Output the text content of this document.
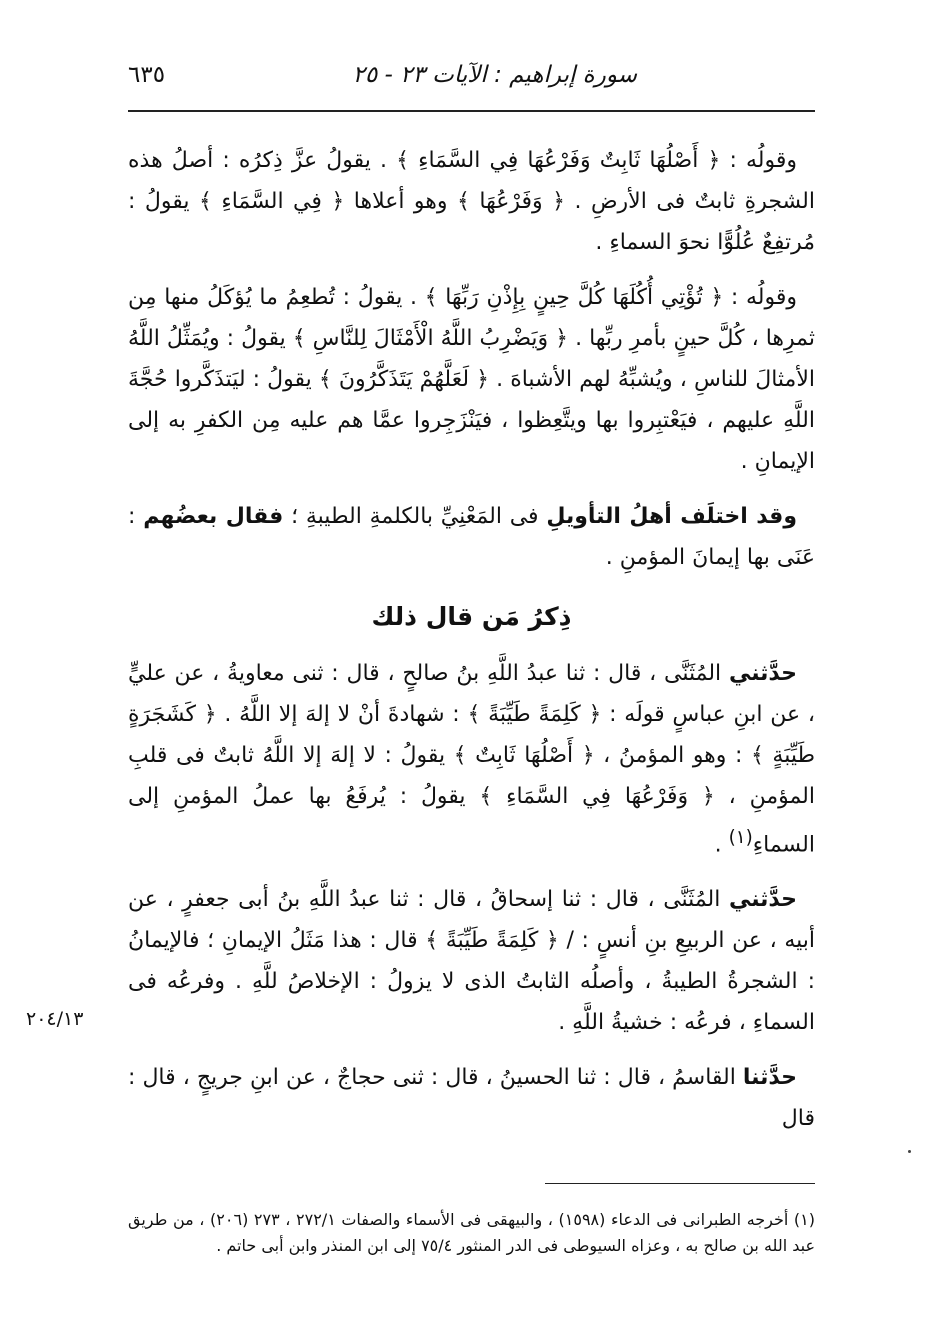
سورة إبراهيم : الآيات ٢٣ - ٢٥
٦٣٥

وقولُه : ﴿ أَصْلُهَا ثَابِتٌ وَفَرْعُهَا فِي السَّمَاءِ ﴾ . يقولُ عزَّ ذِكرُه : أصلُ هذه الشجرةِ ثابتٌ فى الأرضِ . ﴿ وَفَرْعُهَا ﴾ وهو أعلاها ﴿ فِي السَّمَاءِ ﴾ يقولُ : مُرتفِعٌ عُلُوًّا نحوَ السماءِ .

وقولُه : ﴿ تُؤْتِي أُكُلَهَا كُلَّ حِينٍ بِإِذْنِ رَبِّهَا ﴾ . يقولُ : تُطعِمُ ما يُؤكَلُ منها مِن ثمرِها ، كُلَّ حينٍ بأمرِ ربِّها . ﴿ وَيَضْرِبُ اللَّهُ الْأَمْثَالَ لِلنَّاسِ ﴾ يقولُ : ويُمَثِّلُ اللَّهُ الأمثالَ للناسِ ، ويُشبِّهُ لهم الأشباهَ . ﴿ لَعَلَّهُمْ يَتَذَكَّرُونَ ﴾ يقولُ : ليَتذَكَّروا حُجَّةَ اللَّهِ عليهم ، فيَعْتبِروا بها ويتَّعِظوا ، فيَنْزَجِروا عمَّا هم عليه مِن الكفرِ به إلى الإيمانِ .

وقد اختلَف أهلُ التأويلِ فى المَعْنِيِّ بالكلمةِ الطيبةِ ؛ فقال بعضُهم : عَنَى بها إيمانَ المؤمنِ .

ذِكرُ مَن قال ذلك

حدَّثني المُثَنَّى ، قال : ثنا عبدُ اللَّهِ بنُ صالحٍ ، قال : ثنى معاويةُ ، عن عليٍّ ، عن ابنِ عباسٍ قولَه : ﴿ كَلِمَةً طَيِّبَةً ﴾ : شهادةَ أنْ لا إلهَ إلا اللَّهُ . ﴿ كَشَجَرَةٍ طَيِّبَةٍ ﴾ : وهو المؤمنُ ، ﴿ أَصْلُهَا ثَابِتٌ ﴾ يقولُ : لا إلهَ إلا اللَّهُ ثابتٌ فى قلبِ المؤمنِ ، ﴿ وَفَرْعُهَا فِي السَّمَاءِ ﴾ يقولُ : يُرفَعُ بها عملُ المؤمنِ إلى السماءِ$^{(١)}$ .

حدَّثني المُثَنَّى ، قال : ثنا إسحاقُ ، قال : ثنا عبدُ اللَّهِ بنُ أبى جعفرٍ ، عن أبيه ، عن الربيعِ بنِ أنسٍ : / ﴿ كَلِمَةً طَيِّبَةً ﴾ قال : هذا مَثَلُ الإيمانِ ؛ فالإيمانُ : الشجرةُ الطيبةُ ، وأصلُه الثابتُ الذى لا يزولُ : الإخلاصُ للَّهِ . وفرعُه فى السماءِ ، فرعُه : خشيةُ اللَّهِ .

حدَّثنا القاسمُ ، قال : ثنا الحسينُ ، قال : ثنى حجاجٌ ، عن ابنِ جريجٍ ، قال : قال

٢٠٤/١٣

(١) أخرجه الطبرانى فى الدعاء (١٥٩٨) ، والبيهقى فى الأسماء والصفات ٢٧٢/١ ، ٢٧٣ (٢٠٦) ، من طريق عبد الله بن صالح به ، وعزاه السيوطى فى الدر المنثور ٧٥/٤ إلى ابن المنذر وابن أبى حاتم .
